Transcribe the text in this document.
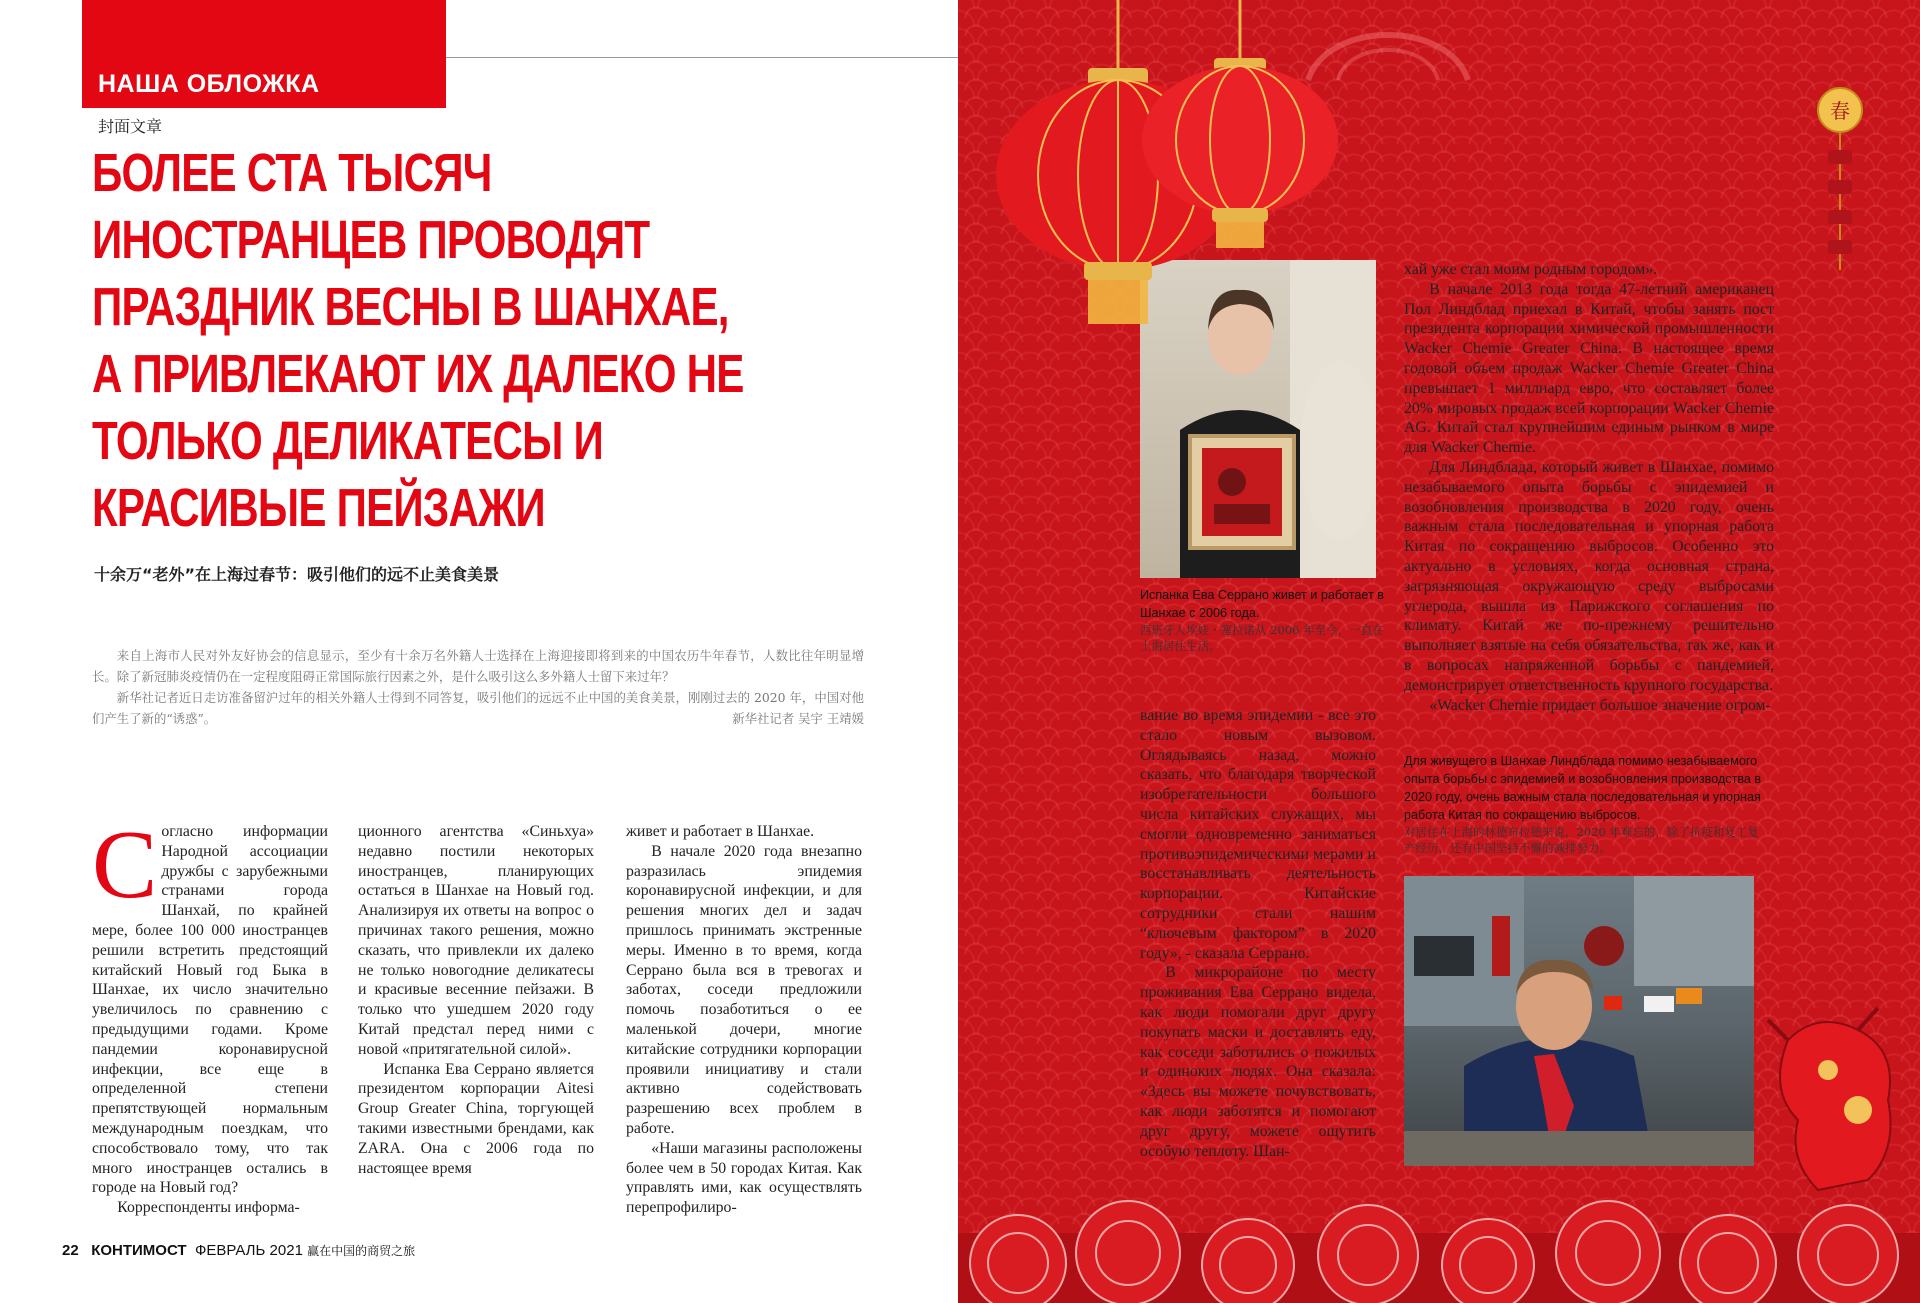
НАША ОБЛОЖКА
封面文章
БОЛЕЕ СТА ТЫСЯЧ
ИНОСТРАНЦЕВ ПРОВОДЯТ
ПРАЗДНИК ВЕСНЫ В ШАНХАЕ,
А ПРИВЛЕКАЮТ ИХ ДАЛЕКО НЕ
ТОЛЬКО ДЕЛИКАТЕСЫ И
КРАСИВЫЕ ПЕЙЗАЖИ
十余万“老外”在上海过春节：吸引他们的远不止美食美景

来自上海市人民对外友好协会的信息显示，至少有十余万名外籍人士选择在上海迎接即将到来的中国农历牛年春节，人数比往年明显增长。除了新冠肺炎疫情仍在一定程度阻碍正常国际旅行因素之外，是什么吸引这么多外籍人士留下来过年？

新华社记者近日走访准备留沪过年的相关外籍人士得到不同答复，吸引他们的远远不止中国的美食美景，刚刚过去的 2020 年，中国对他们产生了新的“诱惑”。	新华社记者 吴宇 王靖媛

Согласно информации Народной ассоциации дружбы с зарубежными странами города Шанхай, по крайней мере, более 100 000 иностранцев решили встретить предстоящий китайский Новый год Быка в Шанхае, их число значительно увеличилось по сравнению с предыдущими годами. Кроме пандемии коронавирусной инфекции, все еще в определенной степени препятствующей нормальным международным поездкам, что способствовало тому, что так много иностранцев остались в городе на Новый год?

Корреспонденты информа-

ционного агентства «Синьхуа» недавно постили некоторых иностранцев, планирующих остаться в Шанхае на Новый год. Анализируя их ответы на вопрос о причинах такого решения, можно сказать, что привлекли их далеко не только новогодние деликатесы и красивые весенние пейзажи. В только что ушедшем 2020 году Китай предстал перед ними с новой «притягательной силой».

Испанка Ева Серрано является президентом корпорации Aitesi Group Greater China, торгующей такими известными брендами, как ZARA. Она с 2006 года по настоящее время

живет и работает в Шанхае.

В начале 2020 года внезапно разразилась эпидемия коронавирусной инфекции, и для решения многих дел и задач пришлось принимать экстренные меры. Именно в то время, когда Серрано была вся в тревогах и заботах, соседи предложили помочь позаботиться о ее маленькой дочери, многие китайские сотрудники корпорации проявили инициативу и стали активно содействовать разрешению всех проблем в работе.

«Наши магазины расположены более чем в 50 городах Китая. Как управлять ими, как осуществлять перепрофилиро-

22 КОНТИМОСТ ФЕВРАЛЬ 2021 赢在中国的商贸之旅
Испанка Ева Серрано живет и работает в Шанхае с 2006 года.
西班牙人埃娃・塞拉诺从 2006 年至今，一直在上海居住生活。

хай уже стал моим родным городом».

В начале 2013 года тогда 47-летний американец Пол Линдблад приехал в Китай, чтобы занять пост президента корпорации химической промышленности Wacker Chemie Greater China. В настоящее время годовой объем продаж Wacker Chemie Greater China превышает 1 миллиард евро, что составляет более 20% мировых продаж всей корпорации Wacker Chemie AG. Китай стал крупнейшим единым рынком в мире для Wacker Chemie.

Для Линдблада, который живет в Шанхае, помимо незабываемого опыта борьбы с эпидемией и возобновления производства в 2020 году, очень важным стала последовательная и упорная работа Китая по сокращению выбросов. Особенно это актуально в условиях, когда основная страна, загрязняющая окружающую среду выбросами углерода, вышла из Парижского соглашения по климату. Китай же по-прежнему решительно выполняет взятые на себя обязательства, так же, как и в вопросах напряженной борьбы с пандемией, демонстрирует ответственность крупного государства.

«Wacker Chemie придает большое значение огром-

вание во время эпидемии - все это стало новым вызовом. Оглядываясь назад, можно сказать, что благодаря творческой изобретательности большого числа китайских служащих, мы смогли одновременно заниматься противоэпидемическими мерами и восстанавливать деятельность корпорации. Китайские сотрудники стали нашим “ключевым фактором” в 2020 году», - сказала Серрано.

В микрорайоне по месту проживания Ева Серрано видела, как люди помогали друг другу покупать маски и доставлять еду, как соседи заботились о пожилых и одиноких людях. Она сказала: «Здесь вы можете почувствовать, как люди заботятся и помогают друг другу, можете ощутить особую теплоту. Шан-

Для живущего в Шанхае Линдблада помимо незабываемого опыта борьбы с эпидемией и возобновления производства в 2020 году, очень важным стала последовательная и упорная работа Китая по сокращению выбросов.
对居住在上海的林德布拉德来说，2020 年难忘的，除了抗疫和复工复产经历，还有中国坚持不懈的减排努力。
春
